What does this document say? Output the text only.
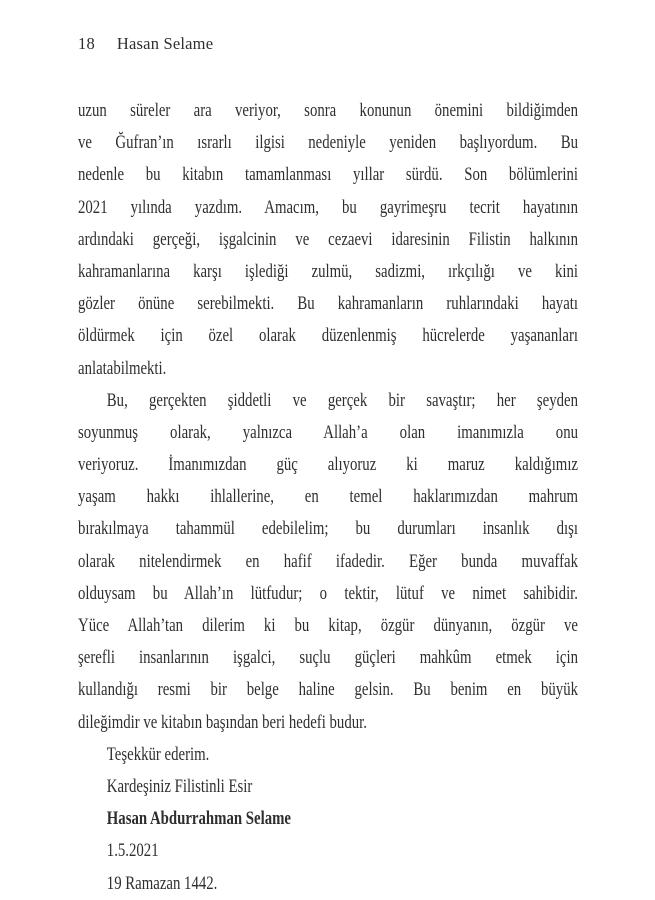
18 Hasan Selame
uzun süreler ara veriyor, sonra konunun önemini bildiğimden
ve Ğufran’ın ısrarlı ilgisi nedeniyle yeniden başlıyordum. Bu
nedenle bu kitabın tamamlanması yıllar sürdü. Son bölümlerini
2021 yılında yazdım. Amacım, bu gayrimeşru tecrit hayatının
ardındaki gerçeği, işgalcinin ve cezaevi idaresinin Filistin halkının
kahramanlarına karşı işlediği zulmü, sadizmi, ırkçılığı ve kini
gözler önüne serebilmekti. Bu kahramanların ruhlarındaki hayatı
öldürmek için özel olarak düzenlenmiş hücrelerde yaşananları
anlatabilmekti.
Bu, gerçekten şiddetli ve gerçek bir savaştır; her şeyden
soyunmuş olarak, yalnızca Allah’a olan imanımızla onu
veriyoruz. İmanımızdan güç alıyoruz ki maruz kaldığımız
yaşam hakkı ihlallerine, en temel haklarımızdan mahrum
bırakılmaya tahammül edebilelim; bu durumları insanlık dışı
olarak nitelendirmek en hafif ifadedir. Eğer bunda muvaffak
olduysam bu Allah’ın lütfudur; o tektir, lütuf ve nimet sahibidir.
Yüce Allah’tan dilerim ki bu kitap, özgür dünyanın, özgür ve
şerefli insanlarının işgalci, suçlu güçleri mahkûm etmek için
kullandığı resmi bir belge haline gelsin. Bu benim en büyük
dileğimdir ve kitabın başından beri hedefi budur.
Teşekkür ederim.
Kardeşiniz Filistinli Esir
Hasan Abdurrahman Selame
1.5.2021
19 Ramazan 1442.
